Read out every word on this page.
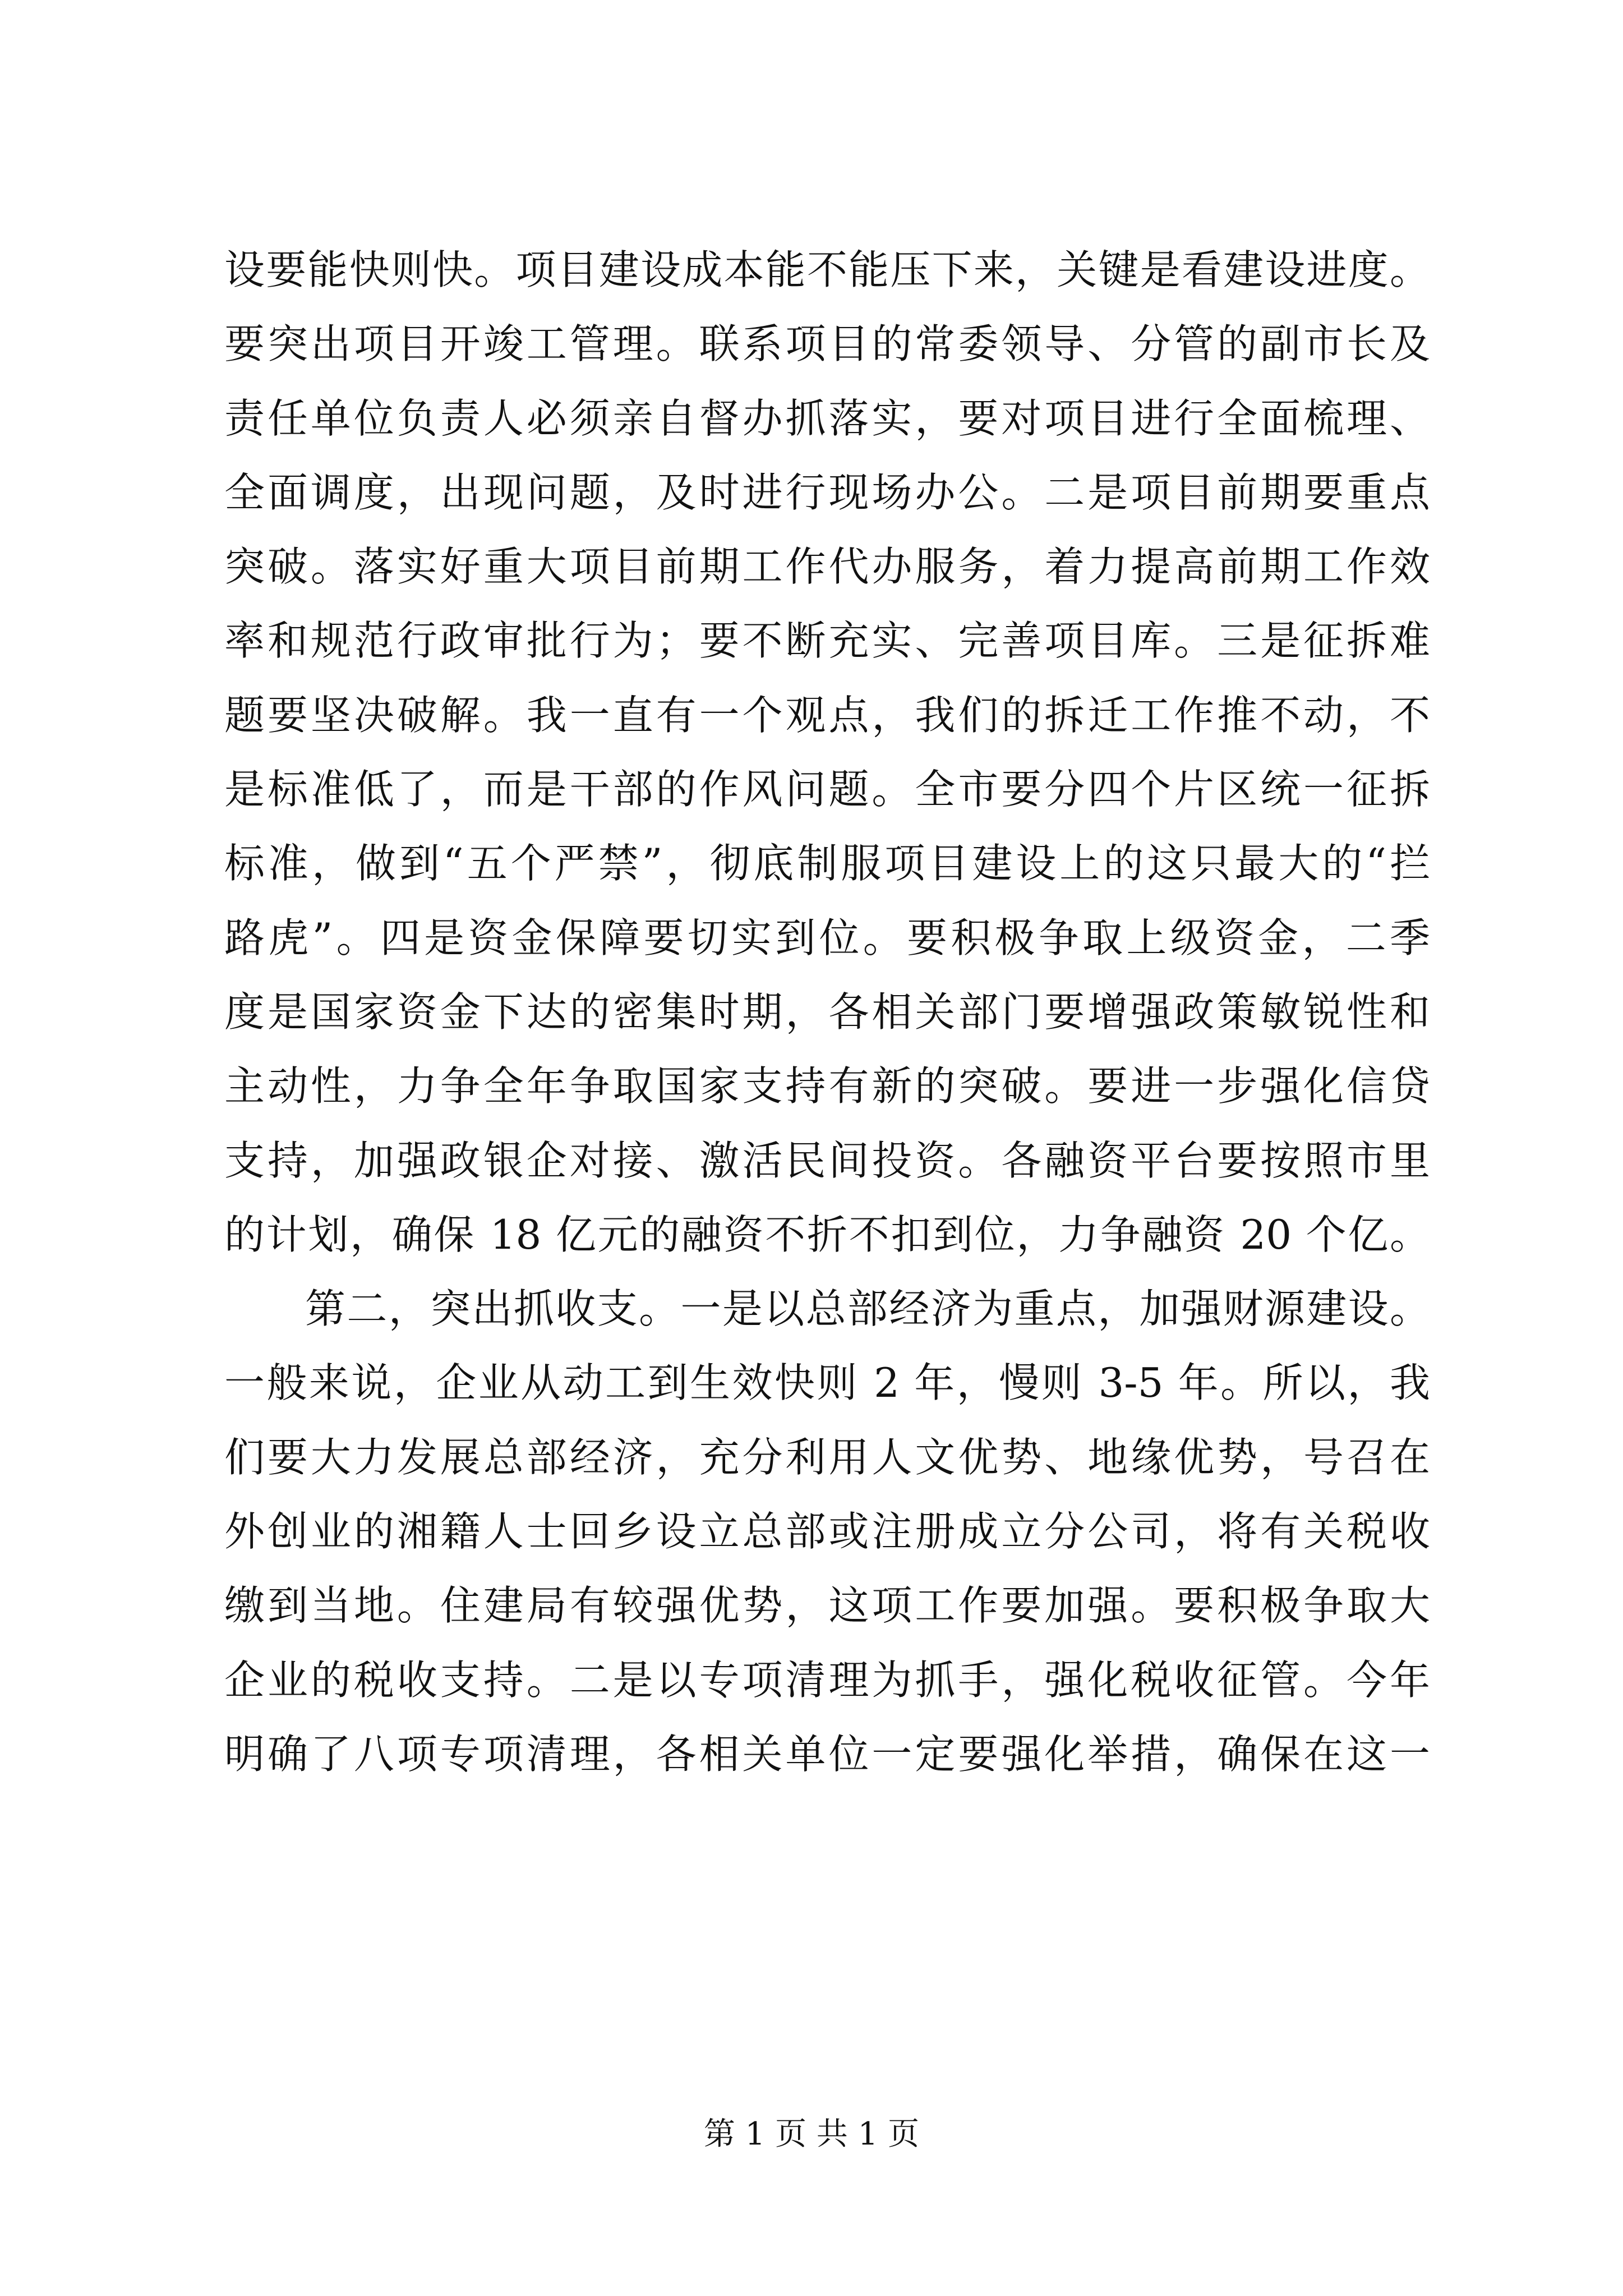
设要能快则快。项目建设成本能不能压下来，关键是看建设进度。
要突出项目开竣工管理。联系项目的常委领导、分管的副市长及
责任单位负责人必须亲自督办抓落实，要对项目进行全面梳理、
全面调度，出现问题，及时进行现场办公。二是项目前期要重点
突破。落实好重大项目前期工作代办服务，着力提高前期工作效
率和规范行政审批行为；要不断充实、完善项目库。三是征拆难
题要坚决破解。我一直有一个观点，我们的拆迁工作推不动，不
是标准低了，而是干部的作风问题。全市要分四个片区统一征拆
标准，做到“五个严禁”，彻底制服项目建设上的这只最大的“拦
路虎”。四是资金保障要切实到位。要积极争取上级资金，二季
度是国家资金下达的密集时期，各相关部门要增强政策敏锐性和
主动性，力争全年争取国家支持有新的突破。要进一步强化信贷
支持，加强政银企对接、激活民间投资。各融资平台要按照市里
的计划，确保 18 亿元的融资不折不扣到位，力争融资 20 个亿。
第二，突出抓收支。一是以总部经济为重点，加强财源建设。
一般来说，企业从动工到生效快则 2 年，慢则 3-5 年。所以，我
们要大力发展总部经济，充分利用人文优势、地缘优势，号召在
外创业的湘籍人士回乡设立总部或注册成立分公司，将有关税收
缴到当地。住建局有较强优势，这项工作要加强。要积极争取大
企业的税收支持。二是以专项清理为抓手，强化税收征管。今年
明确了八项专项清理，各相关单位一定要强化举措，确保在这一
第 1 页 共 1 页
